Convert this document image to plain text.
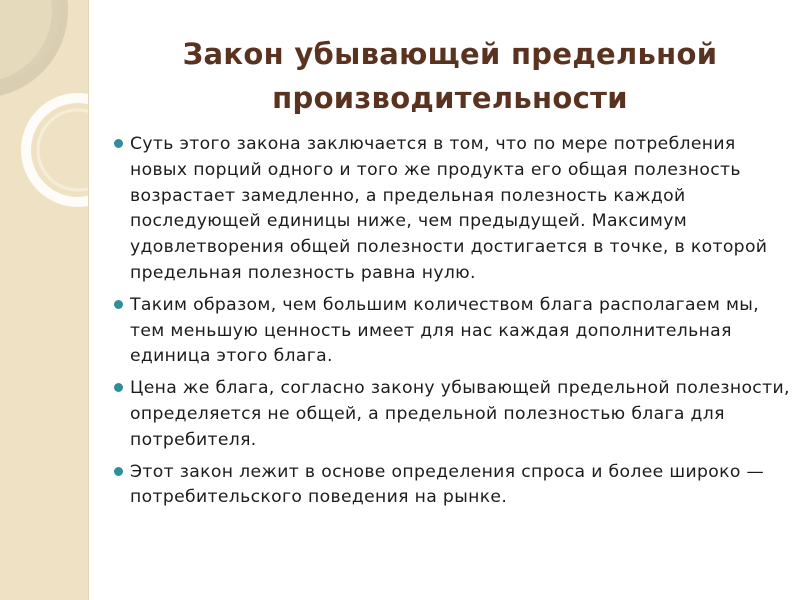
Закон убывающей предельной производительности
Суть этого закона заключается в том, что по мере потребления новых порций одного и того же продукта его общая полезность возрастает замедленно, а предельная полезность каждой последующей единицы ниже, чем предыдущей. Максимум удовлетворения общей полезности достигается в точке, в которой предельная полезность равна нулю.
Таким образом, чем большим количеством блага располагаем мы, тем меньшую ценность имеет для нас каждая дополнительная единица этого блага.
Цена же блага, согласно закону убывающей предельной полезности, определяется не общей, а предельной полезностью блага для потребителя.
Этот закон лежит в основе определения спроса и более широко — потребительского поведения на рынке.
